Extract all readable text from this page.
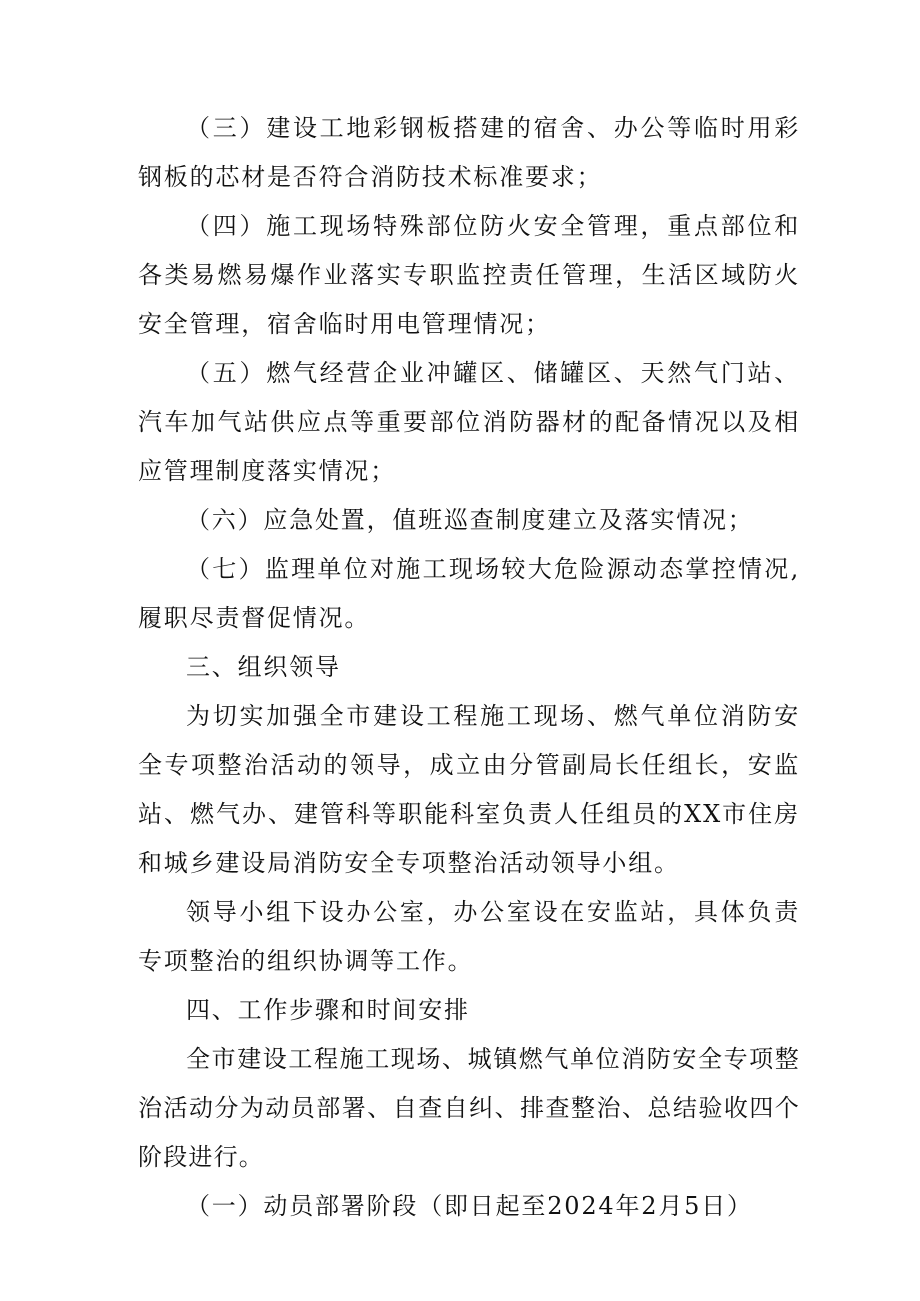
（三）建设工地彩钢板搭建的宿舍、办公等临时用彩钢板的芯材是否符合消防技术标准要求；

（四）施工现场特殊部位防火安全管理，重点部位和各类易燃易爆作业落实专职监控责任管理，生活区域防火安全管理，宿舍临时用电管理情况；

（五）燃气经营企业冲罐区、储罐区、天然气门站、汽车加气站供应点等重要部位消防器材的配备情况以及相应管理制度落实情况；

（六）应急处置，值班巡查制度建立及落实情况；

（七）监理单位对施工现场较大危险源动态掌控情况,履职尽责督促情况。

三、组织领导

为切实加强全市建设工程施工现场、燃气单位消防安全专项整治活动的领导，成立由分管副局长任组长，安监站、燃气办、建管科等职能科室负责人任组员的XX市住房和城乡建设局消防安全专项整治活动领导小组。

领导小组下设办公室，办公室设在安监站，具体负责专项整治的组织协调等工作。

四、工作步骤和时间安排

全市建设工程施工现场、城镇燃气单位消防安全专项整治活动分为动员部署、自查自纠、排查整治、总结验收四个阶段进行。

（一）动员部署阶段（即日起至2024年2月5日）
